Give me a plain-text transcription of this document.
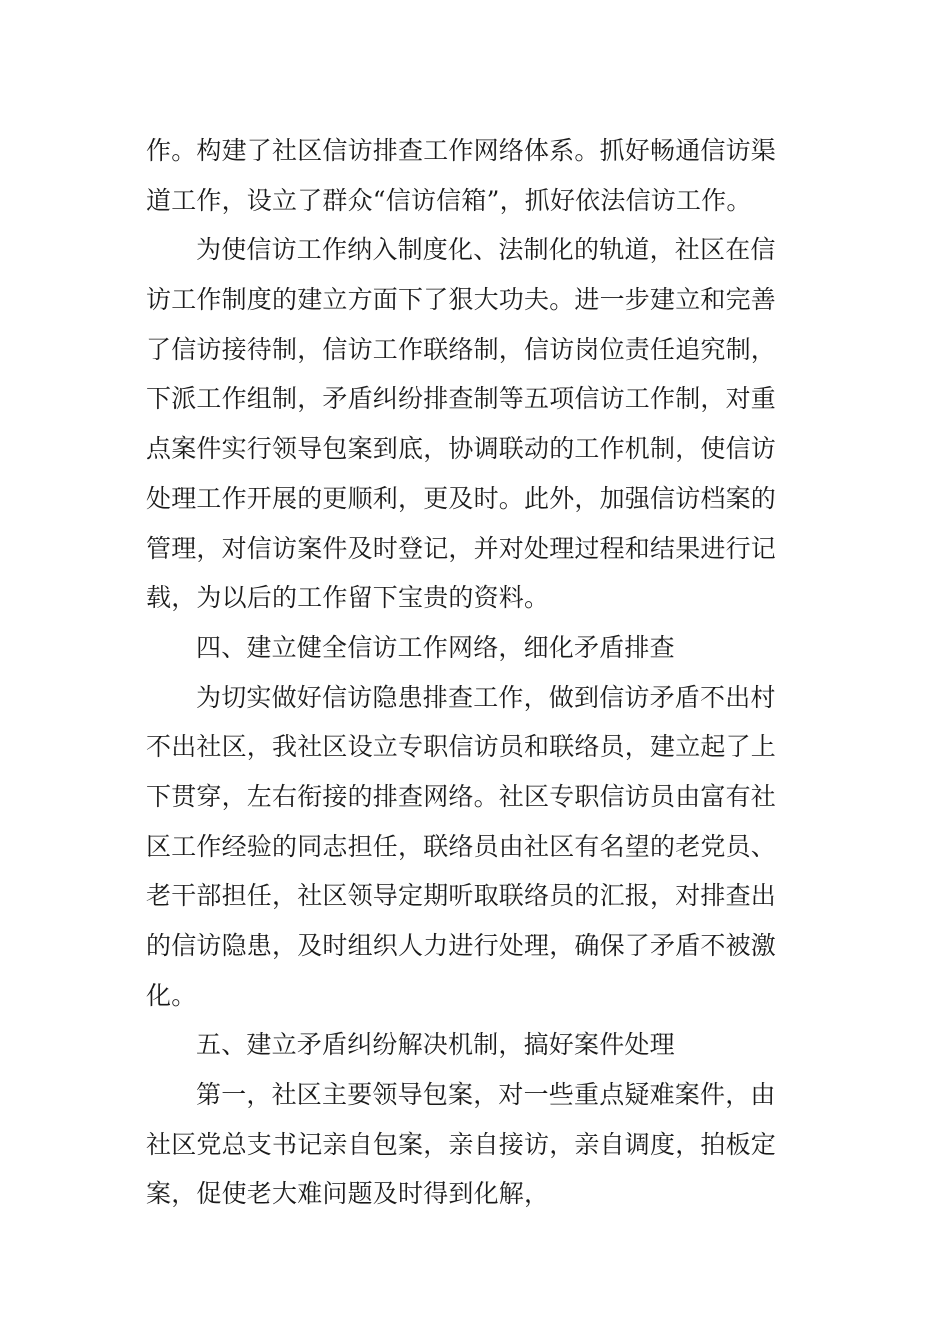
作。构建了社区信访排查工作网络体系。抓好畅通信访渠
道工作，设立了群众“信访信箱”，抓好依法信访工作。
为使信访工作纳入制度化、法制化的轨道，社区在信
访工作制度的建立方面下了狠大功夫。进一步建立和完善
了信访接待制，信访工作联络制，信访岗位责任追究制，
下派工作组制，矛盾纠纷排查制等五项信访工作制，对重
点案件实行领导包案到底，协调联动的工作机制，使信访
处理工作开展的更顺利，更及时。此外，加强信访档案的
管理，对信访案件及时登记，并对处理过程和结果进行记
载，为以后的工作留下宝贵的资料。
四、建立健全信访工作网络，细化矛盾排查
为切实做好信访隐患排查工作，做到信访矛盾不出村
不出社区，我社区设立专职信访员和联络员，建立起了上
下贯穿，左右衔接的排查网络。社区专职信访员由富有社
区工作经验的同志担任，联络员由社区有名望的老党员、
老干部担任，社区领导定期听取联络员的汇报，对排查出
的信访隐患，及时组织人力进行处理，确保了矛盾不被激
化。
五、建立矛盾纠纷解决机制，搞好案件处理
第一，社区主要领导包案，对一些重点疑难案件，由
社区党总支书记亲自包案，亲自接访，亲自调度，拍板定
案，促使老大难问题及时得到化解，
